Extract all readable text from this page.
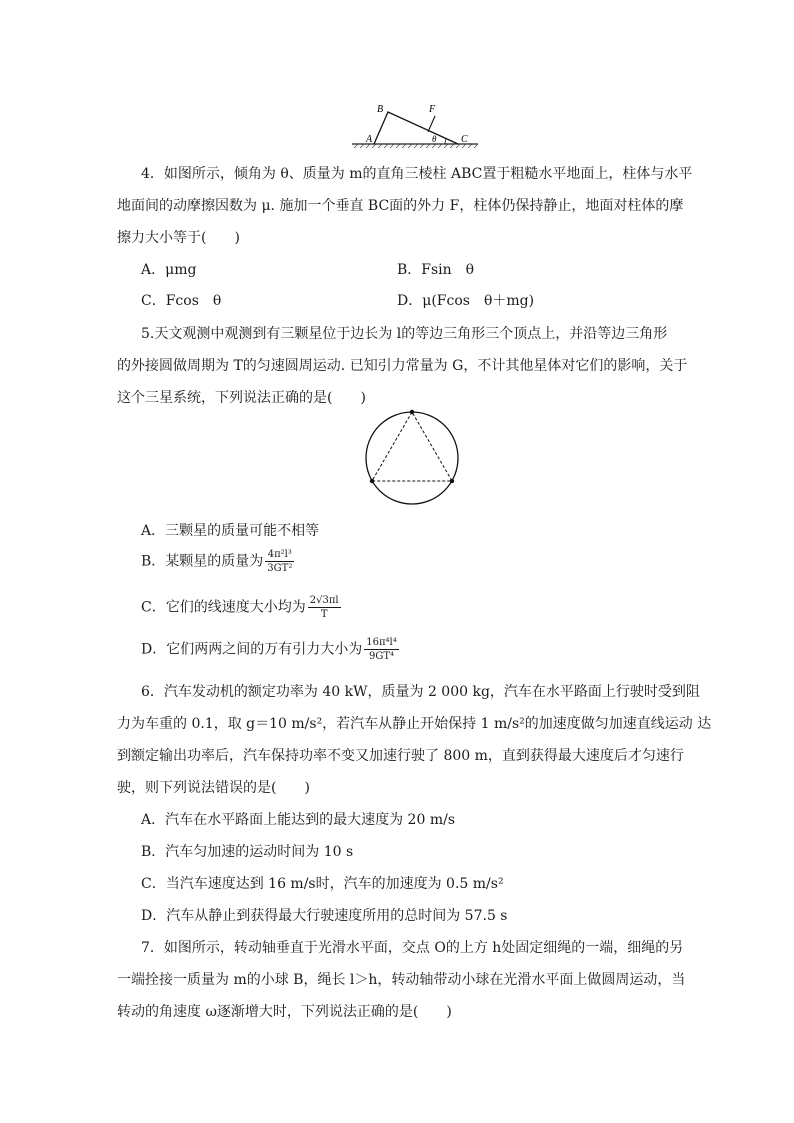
A
B
C
F
θ
4．如图所示，倾角为 θ、质量为 m的直角三棱柱 ABC置于粗糙水平地面上，柱体与水平
地面间的动摩擦因数为 μ. 施加一个垂直 BC面的外力 F，柱体仍保持静止，地面对柱体的摩
擦力大小等于(　　)
A．μmg	B．Fsin　θ
C．Fcos　θ	D．μ(Fcos　θ＋mg)
5.天文观测中观测到有三颗星位于边长为 l的等边三角形三个顶点上，并沿等边三角形
的外接圆做周期为 T的匀速圆周运动. 已知引力常量为 G，不计其他星体对它们的影响，关于
这个三星系统，下列说法正确的是(　　)
A．三颗星的质量可能不相等
B．某颗星的质量为 $\frac{\text{4π²l³}}{\text{3GT²}}$
C．它们的线速度大小均为 $\frac{2√3\pi l}{T}$
D．它们两两之间的万有引力大小为 $\frac{\text{16π⁴l⁴}}{\text{9GT⁴}}$
6．汽车发动机的额定功率为 40 kW，质量为 2 000 kg，汽车在水平路面上行驶时受到阻
力为车重的 0.1，取 g＝10 m/s²，若汽车从静止开始保持 1 m/s²的加速度做匀加速直线运动 达
到额定输出功率后，汽车保持功率不变又加速行驶了 800 m，直到获得最大速度后才匀速行
驶，则下列说法错误的是(　　)
A．汽车在水平路面上能达到的最大速度为 20 m/s
B．汽车匀加速的运动时间为 10 s
C．当汽车速度达到 16 m/s时，汽车的加速度为 0.5 m/s²
D．汽车从静止到获得最大行驶速度所用的总时间为 57.5 s
7．如图所示，转动轴垂直于光滑水平面，交点 O的上方 h处固定细绳的一端，细绳的另
一端拴接一质量为 m的小球 B，绳长 l＞h，转动轴带动小球在光滑水平面上做圆周运动，当
转动的角速度 ω逐渐增大时，下列说法正确的是(　　)
